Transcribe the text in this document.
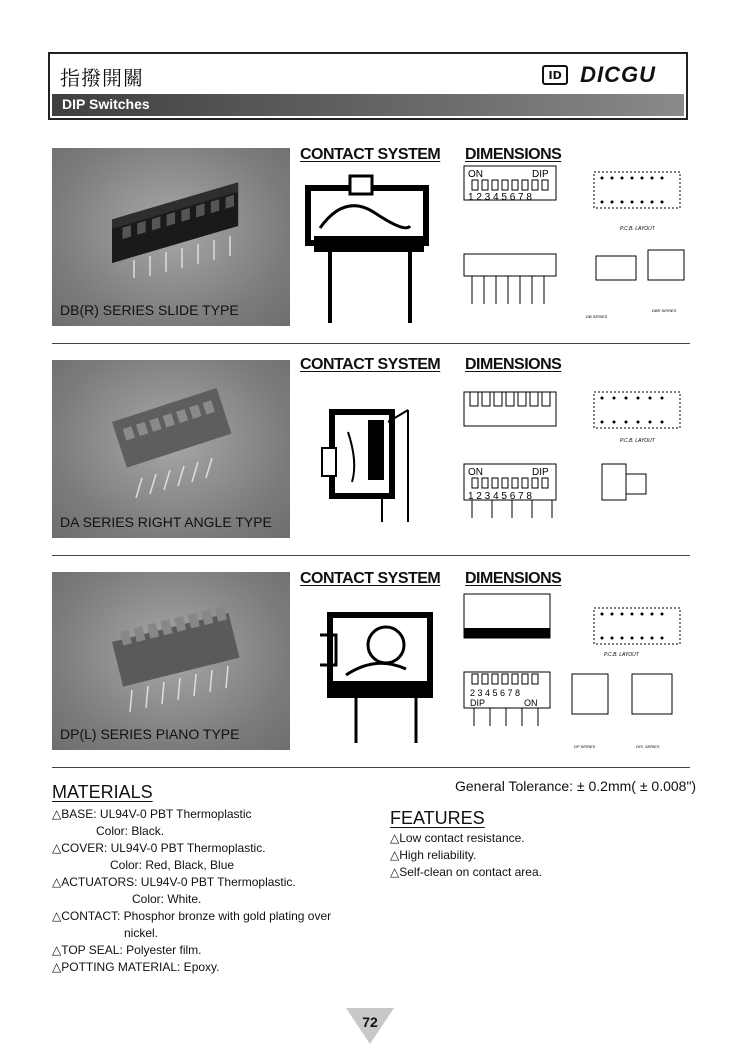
指撥開關	ID DICGU
DIP Switches
DB(R) SERIES SLIDE TYPE
CONTACT SYSTEM DIMENSIONS
ON	DIP
1 2 3 4 5 6 7 8
P.C.B. LAYOUT
DB SERIES
DBR SERIES
DA SERIES RIGHT ANGLE TYPE
CONTACT SYSTEM DIMENSIONS
P.C.B. LAYOUT
ON	DIP
1 2 3 4 5 6 7 8
DP(L) SERIES PIANO TYPE
CONTACT SYSTEM DIMENSIONS
P.C.B. LAYOUT
2 3 4 5 6 7 8
DIP	ON
DP SERIES	DPL SERIES
General Tolerance: ± 0.2mm( ± 0.008")
MATERIALS
△BASE: UL94V-0 PBT Thermoplastic
Color: Black.
△COVER: UL94V-0 PBT Thermoplastic.
Color: Red, Black, Blue
△ACTUATORS: UL94V-0 PBT Thermoplastic.
Color: White.
△CONTACT: Phosphor bronze with gold plating over
nickel.
△TOP SEAL: Polyester film.
△POTTING MATERIAL: Epoxy.
FEATURES
△Low contact resistance.
△High reliability.
△Self-clean on contact area.
72
